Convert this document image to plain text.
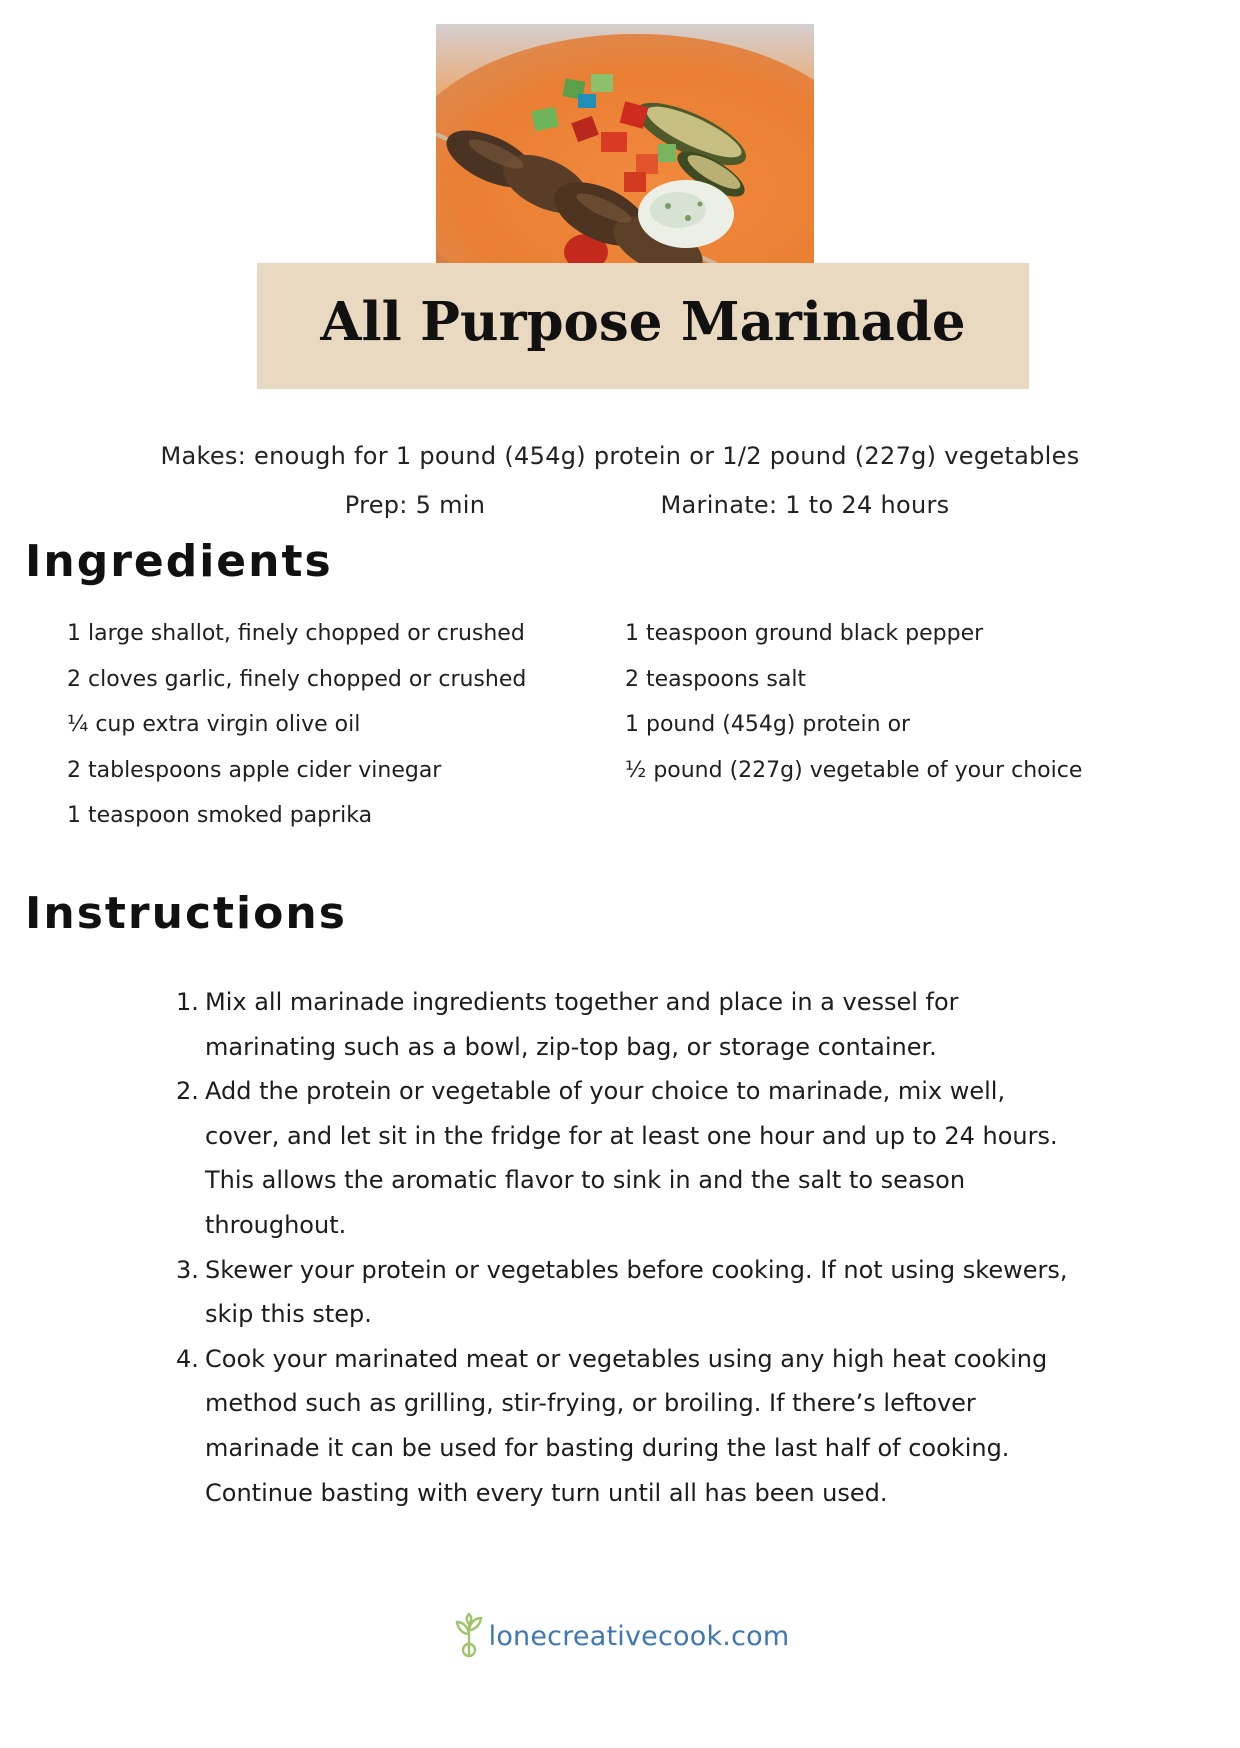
All Purpose Marinade
Makes: enough for 1 pound (454g) protein or 1/2 pound (227g) vegetables
Prep: 5 min	Marinate: 1 to 24 hours
Ingredients
1 large shallot, finely chopped or crushed
2 cloves garlic, finely chopped or crushed
¼ cup extra virgin olive oil
2 tablespoons apple cider vinegar
1 teaspoon smoked paprika
1 teaspoon ground black pepper
2 teaspoons salt
1 pound (454g) protein or
½ pound (227g) vegetable of your choice
Instructions
1. Mix all marinade ingredients together and place in a vessel for
marinating such as a bowl, zip-top bag, or storage container.
2. Add the protein or vegetable of your choice to marinade, mix well,
cover, and let sit in the fridge for at least one hour and up to 24 hours.
This allows the aromatic flavor to sink in and the salt to season
throughout.
3. Skewer your protein or vegetables before cooking. If not using skewers,
skip this step.
4. Cook your marinated meat or vegetables using any high heat cooking
method such as grilling, stir-frying, or broiling. If there’s leftover
marinade it can be used for basting during the last half of cooking.
Continue basting with every turn until all has been used.
lonecreativecook.com
